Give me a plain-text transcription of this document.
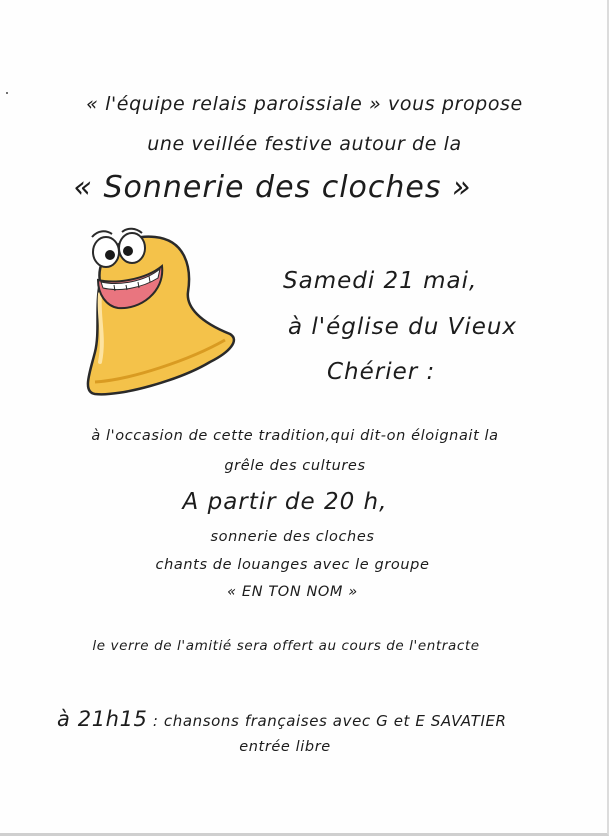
« l'équipe relais paroissiale » vous propose
une veillée festive autour de la
« Sonnerie des cloches »
Samedi 21 mai,
à l'église du Vieux
Chérier :
à l'occasion de cette tradition,qui dit-on éloignait la
grêle des cultures
A partir de 20 h,
sonnerie des cloches
chants de louanges avec le groupe
« EN TON NOM »
le verre de l'amitié sera offert au cours de l'entracte
à 21h15 : chansons françaises avec G et E SAVATIER
entrée libre
